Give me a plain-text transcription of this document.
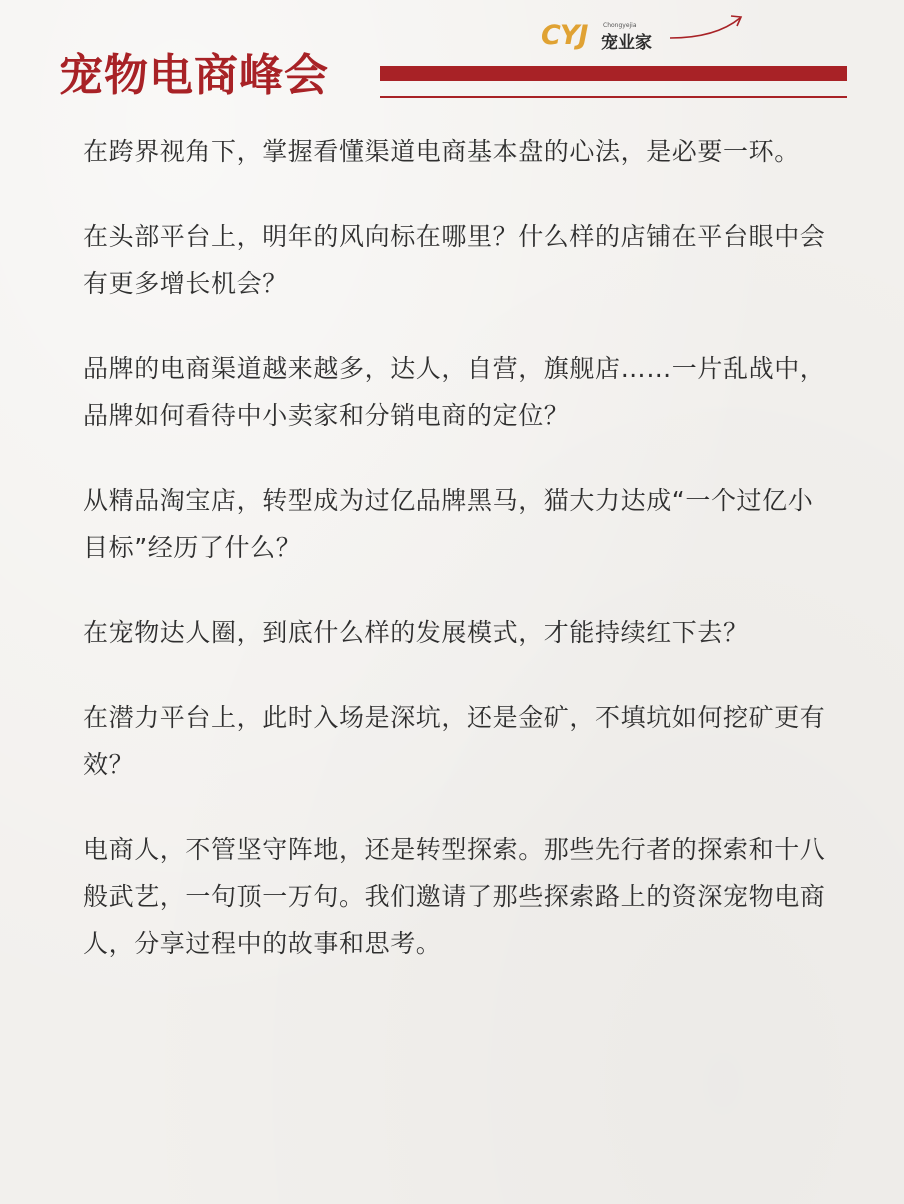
CYJ	Chongyejia
宠业家
宠物电商峰会

在跨界视角下，掌握看懂渠道电商基本盘的心法，是必要一环。

在头部平台上，明年的风向标在哪里？什么样的店铺在平台眼中会有更多增长机会？

品牌的电商渠道越来越多，达人，自营，旗舰店……一片乱战中，品牌如何看待中小卖家和分销电商的定位？

从精品淘宝店，转型成为过亿品牌黑马，猫大力达成“一个过亿小目标”经历了什么？

在宠物达人圈，到底什么样的发展模式，才能持续红下去？

在潜力平台上，此时入场是深坑，还是金矿，不填坑如何挖矿更有效？

电商人，不管坚守阵地，还是转型探索。那些先行者的探索和十八般武艺，一句顶一万句。我们邀请了那些探索路上的资深宠物电商人，分享过程中的故事和思考。
